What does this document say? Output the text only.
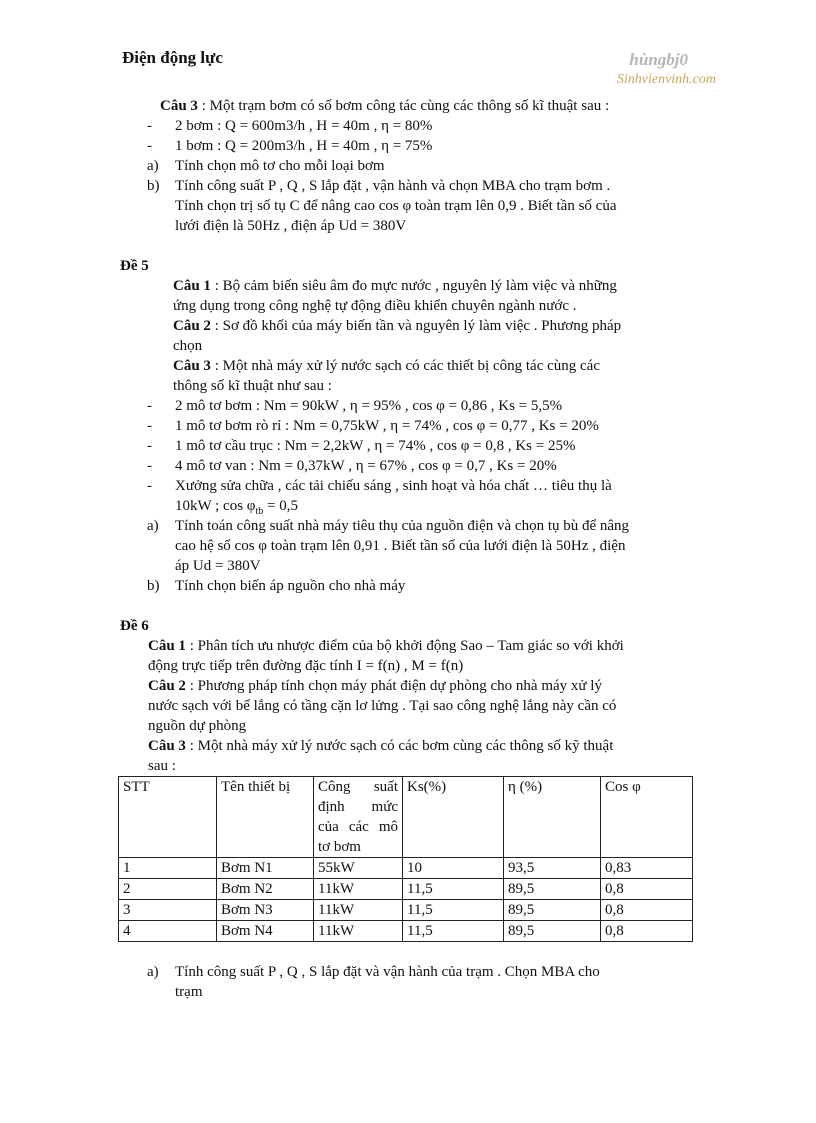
Điện động lực	hùngbj0
Sinhvienvinh.com
Câu 3 : Một trạm bơm có số bơm công tác cùng các thông số kĩ thuật sau :
-	2 bơm : Q = 600m3/h , H = 40m , η = 80%
-	1 bơm : Q = 200m3/h , H = 40m , η = 75%
a)	Tính chọn mô tơ cho mỗi loại bơm
b)	Tính công suất P , Q , S lắp đặt , vận hành và chọn MBA cho trạm bơm .
Tính chọn trị số tụ C để nâng cao cos φ toàn trạm lên 0,9 . Biết tần số của
lưới điện là 50Hz , điện áp Ud = 380V
Đề 5
Câu 1 : Bộ cảm biến siêu âm đo mực nước , nguyên lý làm việc và những
ứng dụng trong công nghệ tự động điều khiển chuyên ngành nước .
Câu 2 : Sơ đồ khối của máy biến tần và nguyên lý làm việc . Phương pháp
chọn
Câu 3 : Một nhà máy xử lý nước sạch có các thiết bị công tác cùng các
thông số kĩ thuật như sau :
-	2 mô tơ bơm : Nm = 90kW , η = 95% , cos φ = 0,86 , Ks = 5,5%
-	1 mô tơ bơm rò rỉ : Nm = 0,75kW , η = 74% , cos φ = 0,77 , Ks = 20%
-	1 mô tơ cầu trục : Nm = 2,2kW , η = 74% , cos φ = 0,8 , Ks = 25%
-	4 mô tơ van : Nm = 0,37kW , η = 67% , cos φ = 0,7 , Ks = 20%
-	Xưởng sửa chữa , các tải chiếu sáng , sinh hoạt và hóa chất … tiêu thụ là
10kW ; $\cos \varphi_{tb} = 0,5$
a)	Tính toán công suất nhà máy tiêu thụ của nguồn điện và chọn tụ bù để nâng
cao hệ số cos φ toàn trạm lên 0,91 . Biết tần số của lưới điện là 50Hz , điện
áp Ud = 380V
b)	Tính chọn biến áp nguồn cho nhà máy
Đề 6
Câu 1 : Phân tích ưu nhược điểm của bộ khởi động Sao – Tam giác so với khởi
động trực tiếp trên đường đặc tính I = f(n) , M = f(n)
Câu 2 : Phương pháp tính chọn máy phát điện dự phòng cho nhà máy xử lý
nước sạch với bể lắng có tầng cặn lơ lửng . Tại sao công nghệ lắng này cần có
nguồn dự phòng
Câu 3 : Một nhà máy xử lý nước sạch có các bơm cùng các thông số kỹ thuật
sau :
STT	Tên thiết bị	Công suất định mức của các mô tơ bơm	Ks(%)	η (%)	Cos φ
1	Bơm N1	55kW	10	93,5	0,83
2	Bơm N2	11kW	11,5	89,5	0,8
3	Bơm N3	11kW	11,5	89,5	0,8
4	Bơm N4	11kW	11,5	89,5	0,8
a)	Tính công suất P , Q , S lắp đặt và vận hành của trạm . Chọn MBA cho
trạm
